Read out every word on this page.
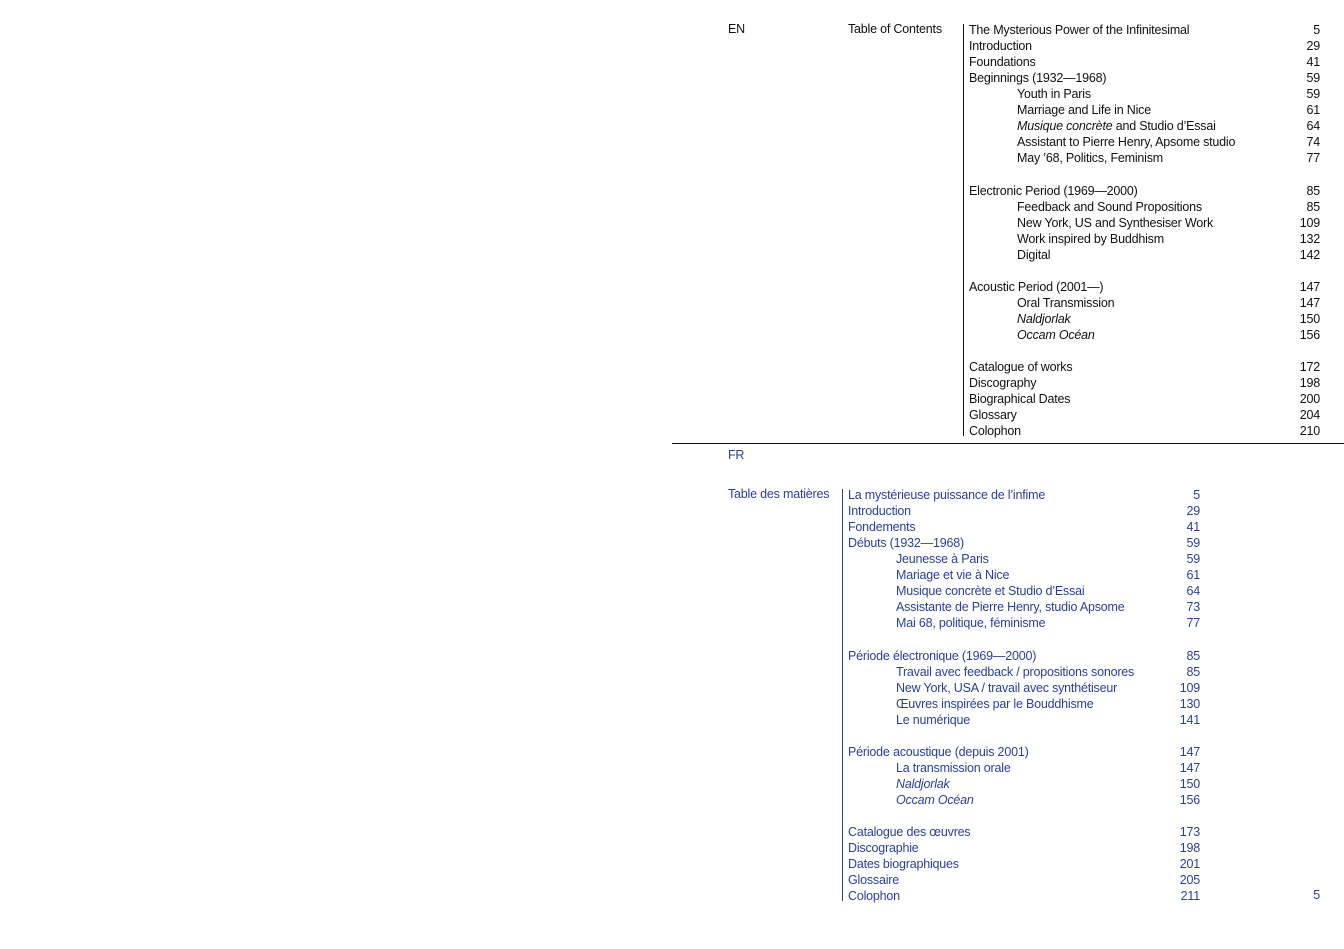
EN	Table of Contents The Mysterious Power of the Infinitesimal	5
Introduction	29
Foundations	41
Beginnings (1932—1968)	59
Youth in Paris	59
Marriage and Life in Nice	61
Musique concrète and Studio d’Essai	64
Assistant to Pierre Henry, Apsome studio	74
May ’68, Politics, Feminism	77
Electronic Period (1969—2000)	85
Feedback and Sound Propositions	85
New York, US and Synthesiser Work	109
Work inspired by Buddhism	132
Digital	142
Acoustic Period (2001—)	147
Oral Transmission	147
Naldjorlak	150
Occam Océan	156
Catalogue of works	172
Discography	198
Biographical Dates	200
Glossary	204
Colophon	210
FR
Table des matières La mystérieuse puissance de l’infime	5
Introduction	29
Fondements	41
Débuts (1932—1968)	59
Jeunesse à Paris	59
Mariage et vie à Nice	61
Musique concrète et Studio d’Essai	64
Assistante de Pierre Henry, studio Apsome	73
Mai 68, politique, féminisme	77
Période électronique (1969—2000)	85
Travail avec feedback / propositions sonores	85
New York, USA / travail avec synthétiseur	109
Œuvres inspirées par le Bouddhisme	130
Le numérique	141
Période acoustique (depuis 2001)	147
La transmission orale	147
Naldjorlak	150
Occam Océan	156
Catalogue des œuvres	173
Discographie	198
Dates biographiques	201
Glossaire	205
Colophon	211	5
